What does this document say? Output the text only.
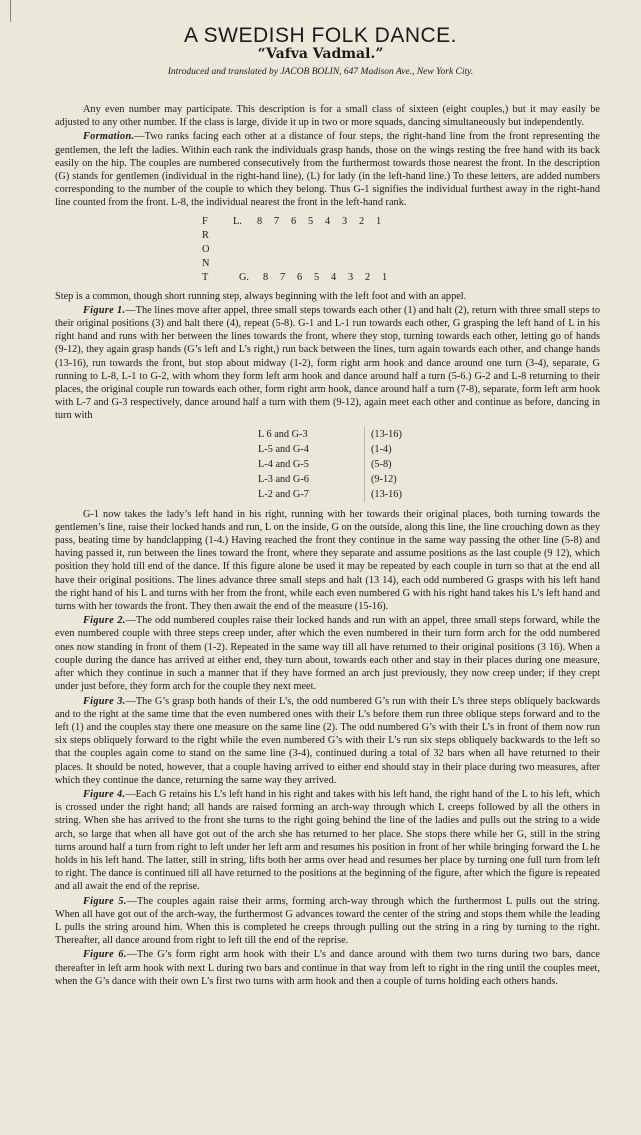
A SWEDISH FOLK DANCE.
“Vafva Vadmal.”
Introduced and translated by JACOB BOLIN, 647 Madison Ave., New York City.

Any even number may participate. This description is for a small class of sixteen (eight couples,) but it may easily be adjusted to any other number. If the class is large, divide it up in two or more squads, dancing simultaneously but independently.

Formation.—Two ranks facing each other at a distance of four steps, the right-hand line from the front representing the gentlemen, the left the ladies. Within each rank the individuals grasp hands, those on the wings resting the free hand with its back easily on the hip. The couples are numbered consecutively from the furthermost towards those nearest the front. In the description (G) stands for gentlemen (individual in the right-hand line), (L) for lady (in the left-hand line.) To these letters, are added numbers corresponding to the number of the couple to which they belong. Thus G-1 signifies the individual furthest away in the right-hand line counted from the front. L-8, the individual nearest the front in the left-hand rank.

F	L.	8	7	6	5	4	3	2	1
R
O
N
T	G.	8	7	6	5	4	3	2	1

Step is a common, though short running step, always beginning with the left foot and with an appel.

Figure 1.—The lines move after appel, three small steps towards each other (1) and halt (2), return with three small steps to their original positions (3) and halt there (4), repeat (5-8). G-1 and L-1 run towards each other, G grasping the left hand of L in his right hand and runs with her between the lines towards the front, where they stop, turning towards each other, letting go of hands (9-12), they again grasp hands (G’s left and L’s right,) run back between the lines, turn again towards each other, and change hands (13-16), run towards the front, but stop about midway (1-2), form right arm hook and dance around one turn (3-4), separate, G running to L-8, L-1 to G-2, with whom they form left arm hook and dance around half a turn (5-6.) G-2 and L-8 returning to their places, the original couple run towards each other, form right arm hook, dance around half a turn (7-8), separate, form left arm hook with L-7 and G-3 respectively, dance around half a turn with them (9-12), again meet each other and continue as before, dancing in turn with

L 6 and G-3	(13-16)
L-5 and G-4	(1-4)
L-4 and G-5	(5-8)
L-3 and G-6	(9-12)
L-2 and G-7	(13-16)

G-1 now takes the lady’s left hand in his right, running with her towards their original places, both turning towards the gentlemen’s line, raise their locked hands and run, L on the inside, G on the outside, along this line, the line crouching down as they pass, beating time by handclapping (1-4.) Having reached the front they continue in the same way passing the other line (5-8) and having passed it, run between the lines toward the front, where they separate and assume positions as the last couple (9 12), which position they hold till end of the dance. If this figure alone be used it may be repeated by each couple in turn so that at the end all have their original positions. The lines advance three small steps and halt (13 14), each odd numbered G grasps with his left hand the right hand of his L and turns with her from the front, while each even numbered G with his right hand takes his L’s left hand and turns with her towards the front. They then await the end of the measure (15-16).

Figure 2.—The odd numbered couples raise their locked hands and run with an appel, three small steps forward, while the even numbered couple with three steps creep under, after which the even numbered in their turn form arch for the odd numbered ones now standing in front of them (1-2). Repeated in the same way till all have returned to their original positions (3 16). When a couple during the dance has arrived at either end, they turn about, towards each other and stay in their places during one measure, after which they continue in such a manner that if they have formed an arch just previously, they now creep under; if they crept under just before, they form arch for the couple they next meet.

Figure 3.—The G’s grasp both hands of their L’s, the odd numbered G’s run with their L’s three steps obliquely backwards and to the right at the same time that the even numbered ones with their L’s before them run three oblique steps forward and to the left (1) and the couples stay there one measure on the same line (2). The odd numbered G’s with their L’s in front of them now run six steps obliquely forward to the right while the even numbered G’s with their L’s run six steps obliquely backwards to the left so that the couples again come to stand on the same line (3-4), continued during a total of 32 bars when all have returned to their places. It should be noted, however, that a couple having arrived to either end should stay in their place during two measures, after which they continue the dance, returning the same way they arrived.

Figure 4.—Each G retains his L’s left hand in his right and takes with his left hand, the right hand of the L to his left, which is crossed under the right hand; all hands are raised forming an arch-way through which L creeps followed by all the others in string. When she has arrived to the front she turns to the right going behind the line of the ladies and pulls out the string to a wide arch, so large that when all have got out of the arch she has returned to her place. She stops there while her G, still in the string turns around half a turn from right to left under her left arm and resumes his position in front of her while bringing forward the L he holds in his left hand. The latter, still in string, lifts both her arms over head and resumes her place by turning one full turn from left to right. The dance is continued till all have returned to the positions at the beginning of the figure, after which the figure is repeated and all await the end of the reprise.

Figure 5.—The couples again raise their arms, forming arch-way through which the furthermost L pulls out the string. When all have got out of the arch-way, the furthermost G advances toward the center of the string and stops them while the leading L pulls the string around him. When this is completed he creeps through pulling out the string in a ring by turning to the right. Thereafter, all dance around from right to left till the end of the reprise.

Figure 6.—The G’s form right arm hook with their L’s and dance around with them two turns during two bars, dance thereafter in left arm hook with next L during two bars and continue in that way from left to right in the ring until the couples meet, when the G’s dance with their own L’s first two turns with arm hook and then a couple of turns holding each others hands.
